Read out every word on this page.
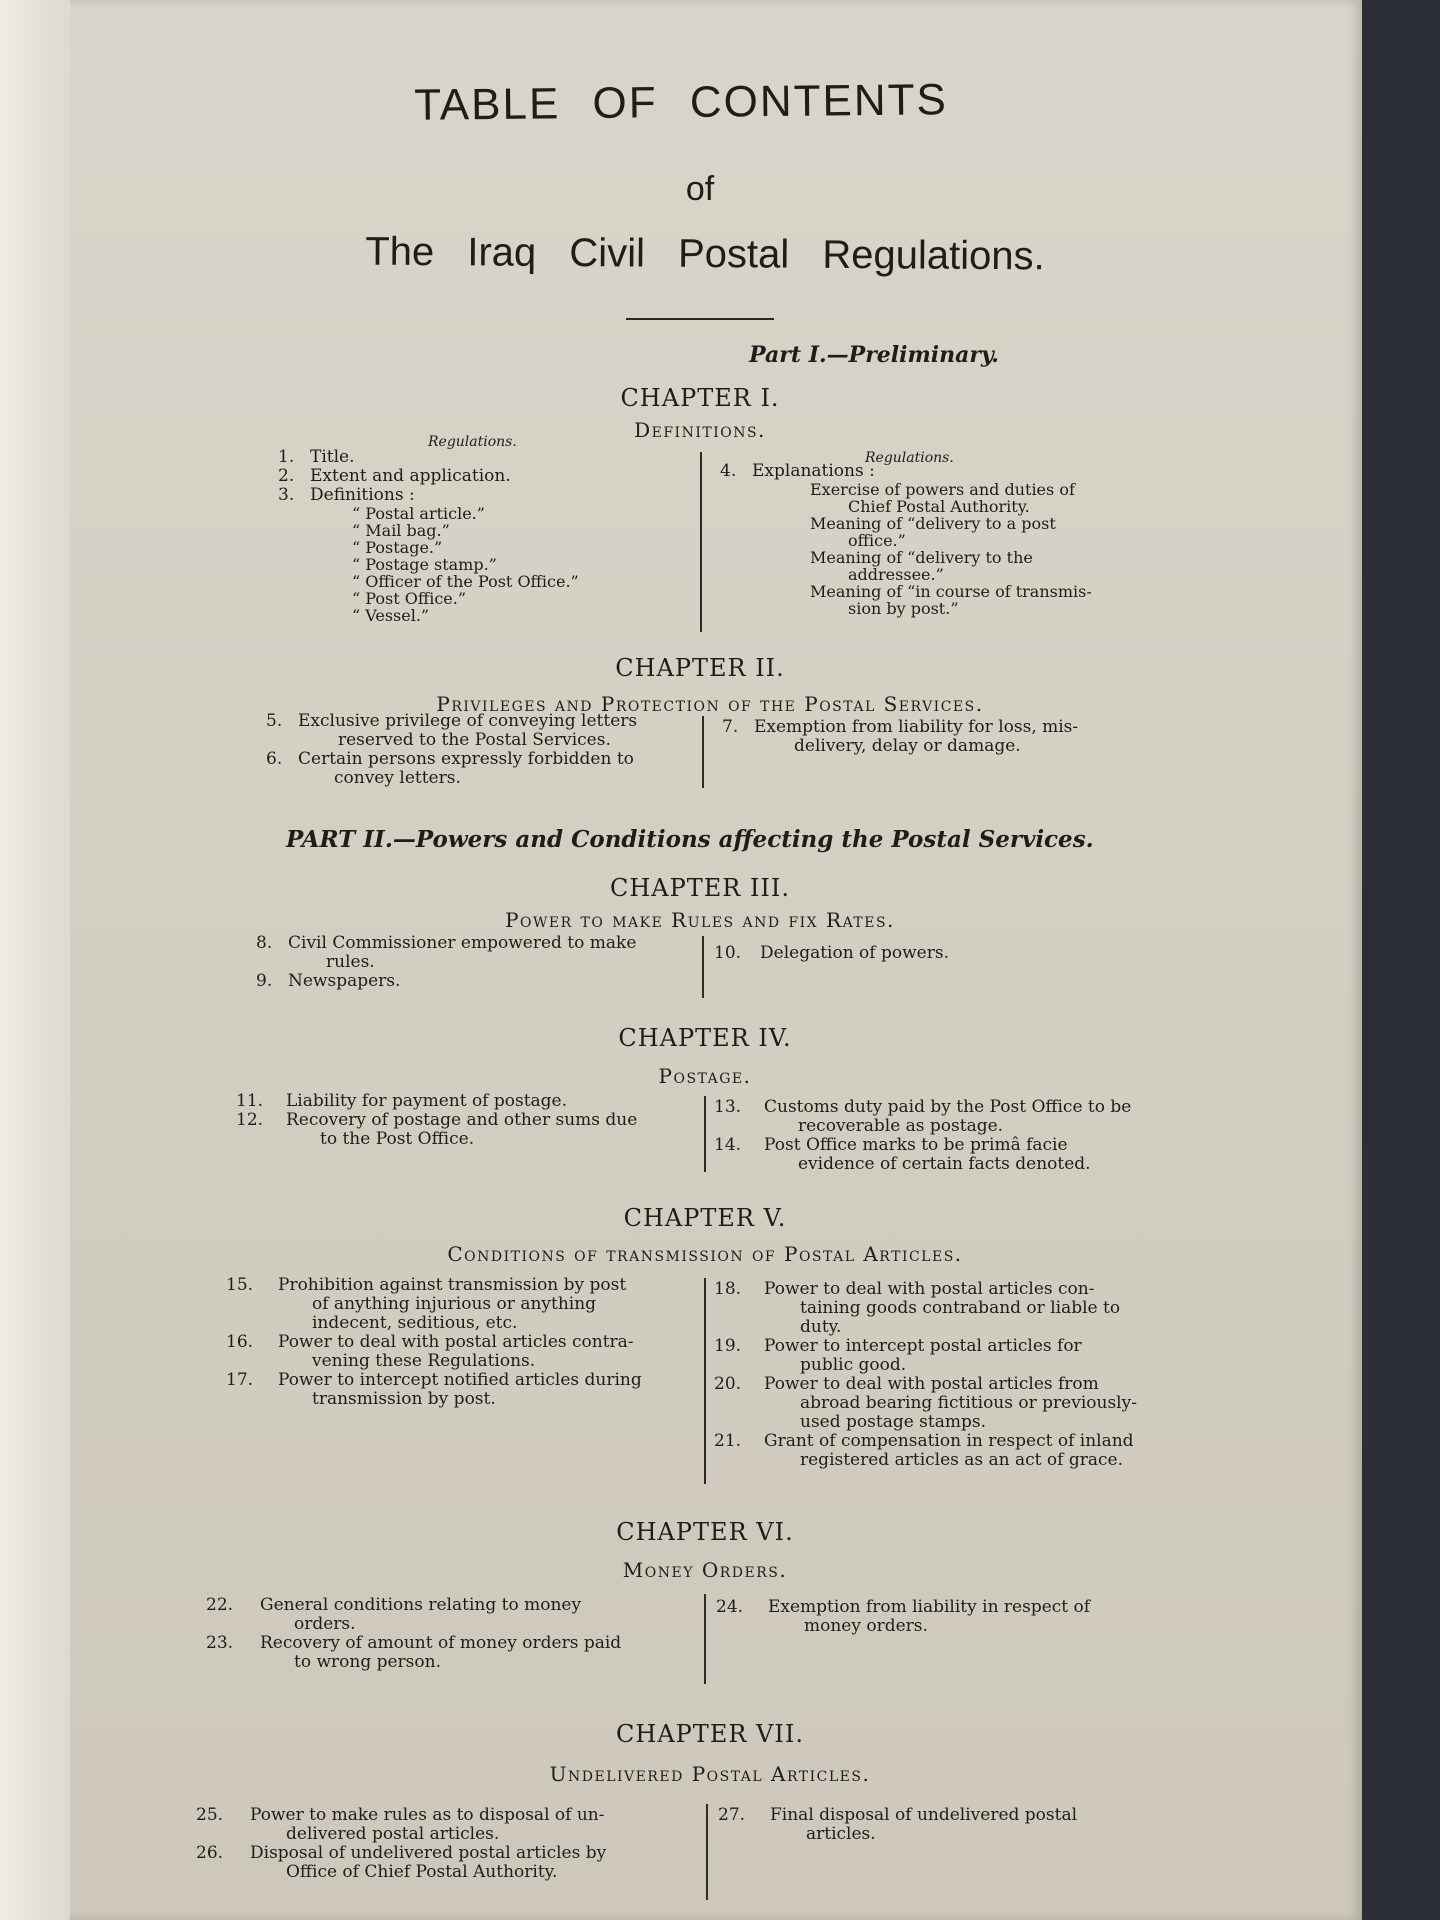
TABLE OF CONTENTS
of
The Iraq Civil Postal Regulations.
Part I.—Preliminary.
CHAPTER I.
Definitions.
Regulations.
Regulations.
1. Title.
2. Extent and application.
3. Definitions :
“ Postal article.”
“ Mail bag.”
“ Postage.”
“ Postage stamp.”
“ Officer of the Post Office.”
“ Post Office.”
“ Vessel.”
4. Explanations :
Exercise of powers and duties of
Chief Postal Authority.
Meaning of “delivery to a post
office.”
Meaning of “delivery to the
addressee.”
Meaning of “in course of transmis-
sion by post.”
CHAPTER II.
Privileges and Protection of the Postal Services.
5. Exclusive privilege of conveying letters
reserved to the Postal Services.
6. Certain persons expressly forbidden to
convey letters.
7. Exemption from liability for loss, mis-
delivery, delay or damage.
PART II.—Powers and Conditions affecting the Postal Services.
CHAPTER III.
Power to make Rules and fix Rates.
8. Civil Commissioner empowered to make
rules.
9. Newspapers.
10. Delegation of powers.
CHAPTER IV.
Postage.
11. Liability for payment of postage.
12. Recovery of postage and other sums due
to the Post Office.
13. Customs duty paid by the Post Office to be
recoverable as postage.
14. Post Office marks to be primâ facie
evidence of certain facts denoted.
CHAPTER V.
Conditions of transmission of Postal Articles.
15. Prohibition against transmission by post
of anything injurious or anything
indecent, seditious, etc.
16. Power to deal with postal articles contra-
vening these Regulations.
17. Power to intercept notified articles during
transmission by post.
18. Power to deal with postal articles con-
taining goods contraband or liable to
duty.
19. Power to intercept postal articles for
public good.
20. Power to deal with postal articles from
abroad bearing fictitious or previously-
used postage stamps.
21. Grant of compensation in respect of inland
registered articles as an act of grace.
CHAPTER VI.
Money Orders.
22. General conditions relating to money
orders.
23. Recovery of amount of money orders paid
to wrong person.
24. Exemption from liability in respect of
money orders.
CHAPTER VII.
Undelivered Postal Articles.
25. Power to make rules as to disposal of un-
delivered postal articles.
26. Disposal of undelivered postal articles by
Office of Chief Postal Authority.
27. Final disposal of undelivered postal
articles.
